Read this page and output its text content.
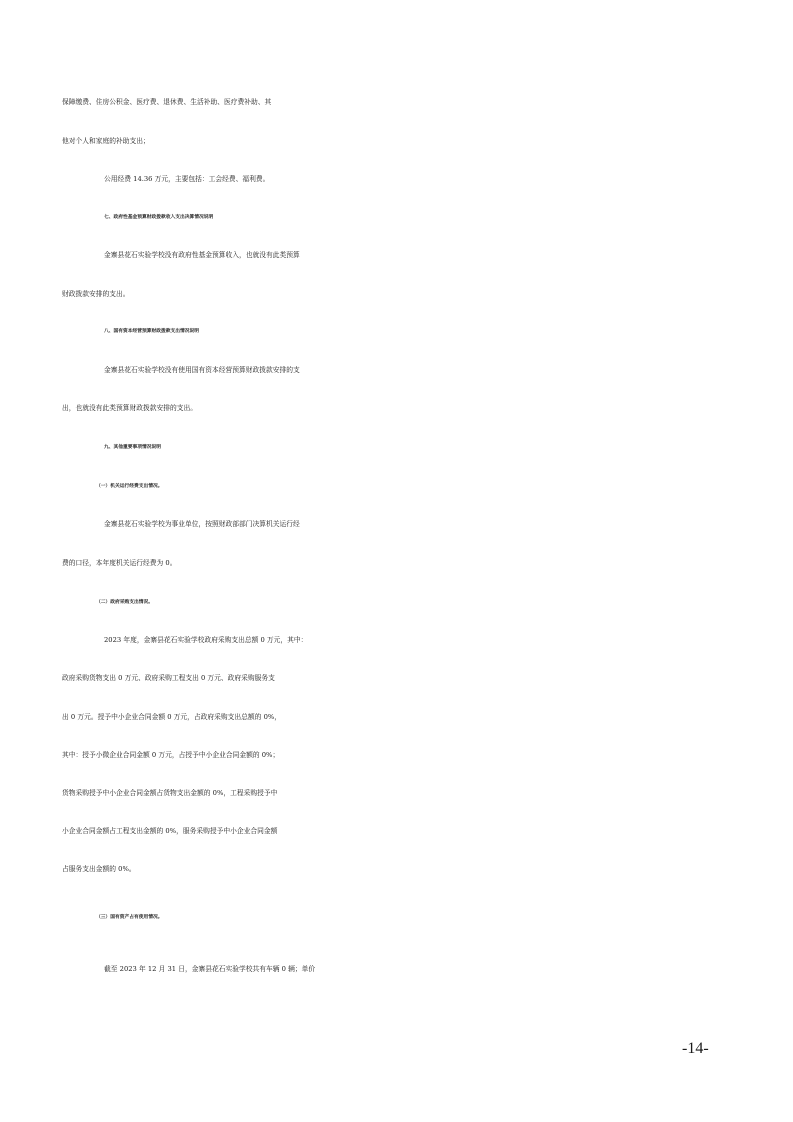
保障缴费、住房公积金、医疗费、退休费、生活补助、医疗费补助、其
他对个人和家庭的补助支出；
公用经费 14.36 万元，主要包括：工会经费、福利费。
七、政府性基金预算财政拨款收入支出决算情况说明
金寨县花石实验学校没有政府性基金预算收入，也就没有此类预算
财政拨款安排的支出。
八、国有资本经营预算财政拨款支出情况说明
金寨县花石实验学校没有使用国有资本经营预算财政拨款安排的支
出，也就没有此类预算财政拨款安排的支出。
九、其他重要事项情况说明
（一）机关运行经费支出情况。
金寨县花石实验学校为事业单位，按照财政部部门决算机关运行经
费的口径，本年度机关运行经费为 0。
（二）政府采购支出情况。
2023 年度，金寨县花石实验学校政府采购支出总额 0 万元，其中：
政府采购货物支出 0 万元、政府采购工程支出 0 万元、政府采购服务支
出 0 万元。授予中小企业合同金额 0 万元，占政府采购支出总额的 0%，
其中：授予小微企业合同金额 0 万元，占授予中小企业合同金额的 0%；
货物采购授予中小企业合同金额占货物支出金额的 0%，工程采购授予中
小企业合同金额占工程支出金额的 0%，服务采购授予中小企业合同金额
占服务支出金额的 0%。
（三）国有资产占有使用情况。
截至 2023 年 12 月 31 日，金寨县花石实验学校共有车辆 0 辆；单价
-14-
